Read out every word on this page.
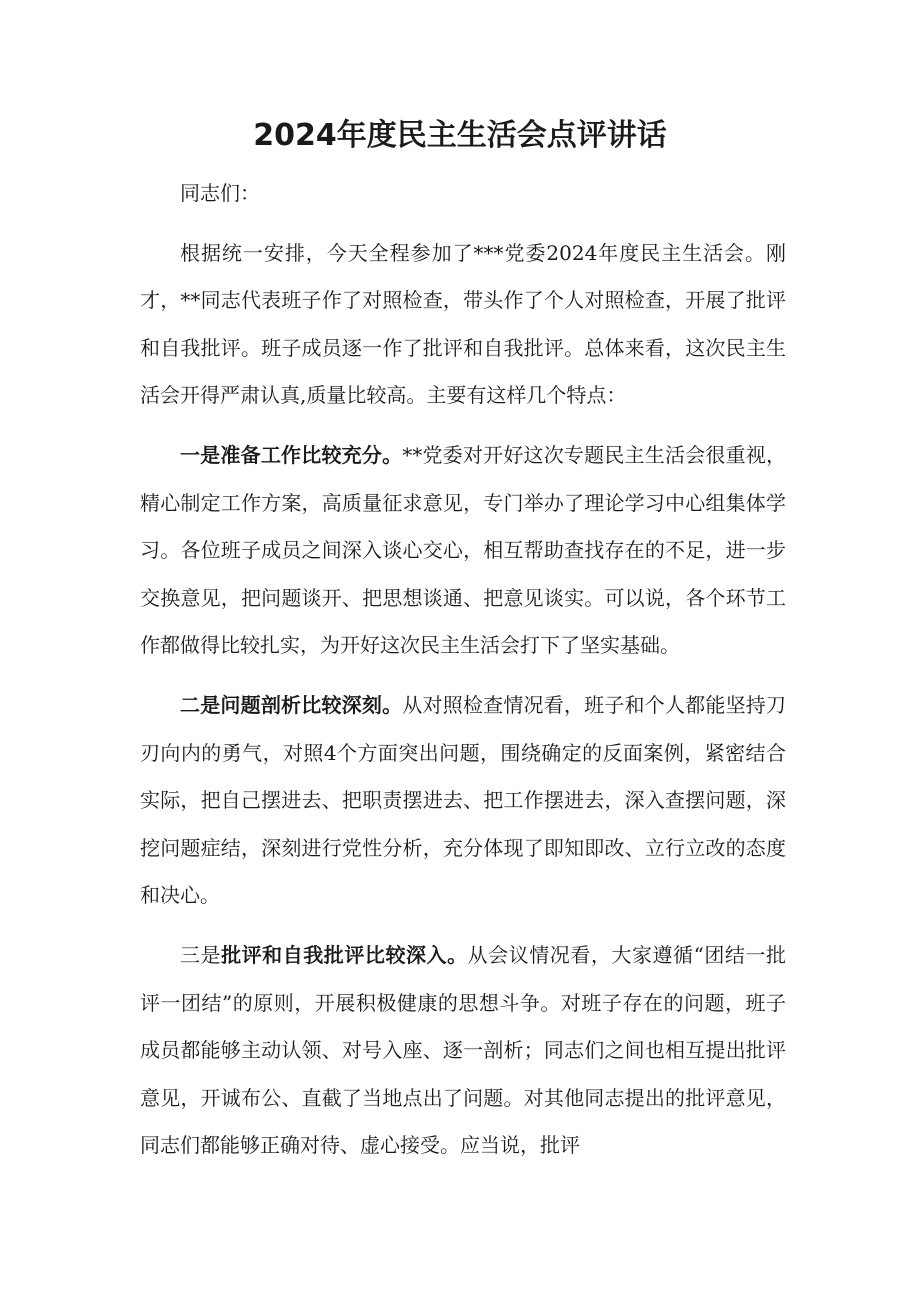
2024年度民主生活会点评讲话

同志们：

根据统一安排，今天全程参加了***党委2024年度民主生活会。刚才，**同志代表班子作了对照检查，带头作了个人对照检查，开展了批评和自我批评。班子成员逐一作了批评和自我批评。总体来看，这次民主生活会开得严肃认真,质量比较高。主要有这样几个特点：

一是准备工作比较充分。**党委对开好这次专题民主生活会很重视，精心制定工作方案，高质量征求意见，专门举办了理论学习中心组集体学习。各位班子成员之间深入谈心交心，相互帮助查找存在的不足，进一步交换意见，把问题谈开、把思想谈通、把意见谈实。可以说，各个环节工作都做得比较扎实，为开好这次民主生活会打下了坚实基础。

二是问题剖析比较深刻。从对照检查情况看，班子和个人都能坚持刀刃向内的勇气，对照4个方面突出问题，围绕确定的反面案例，紧密结合实际，把自己摆进去、把职责摆进去、把工作摆进去，深入查摆问题，深挖问题症结，深刻进行党性分析，充分体现了即知即改、立行立改的态度和决心。

三是批评和自我批评比较深入。从会议情况看，大家遵循“团结一批评一团结”的原则，开展积极健康的思想斗争。对班子存在的问题，班子成员都能够主动认领、对号入座、逐一剖析；同志们之间也相互提出批评意见，开诚布公、直截了当地点出了问题。对其他同志提出的批评意见，同志们都能够正确对待、虚心接受。应当说，批评
